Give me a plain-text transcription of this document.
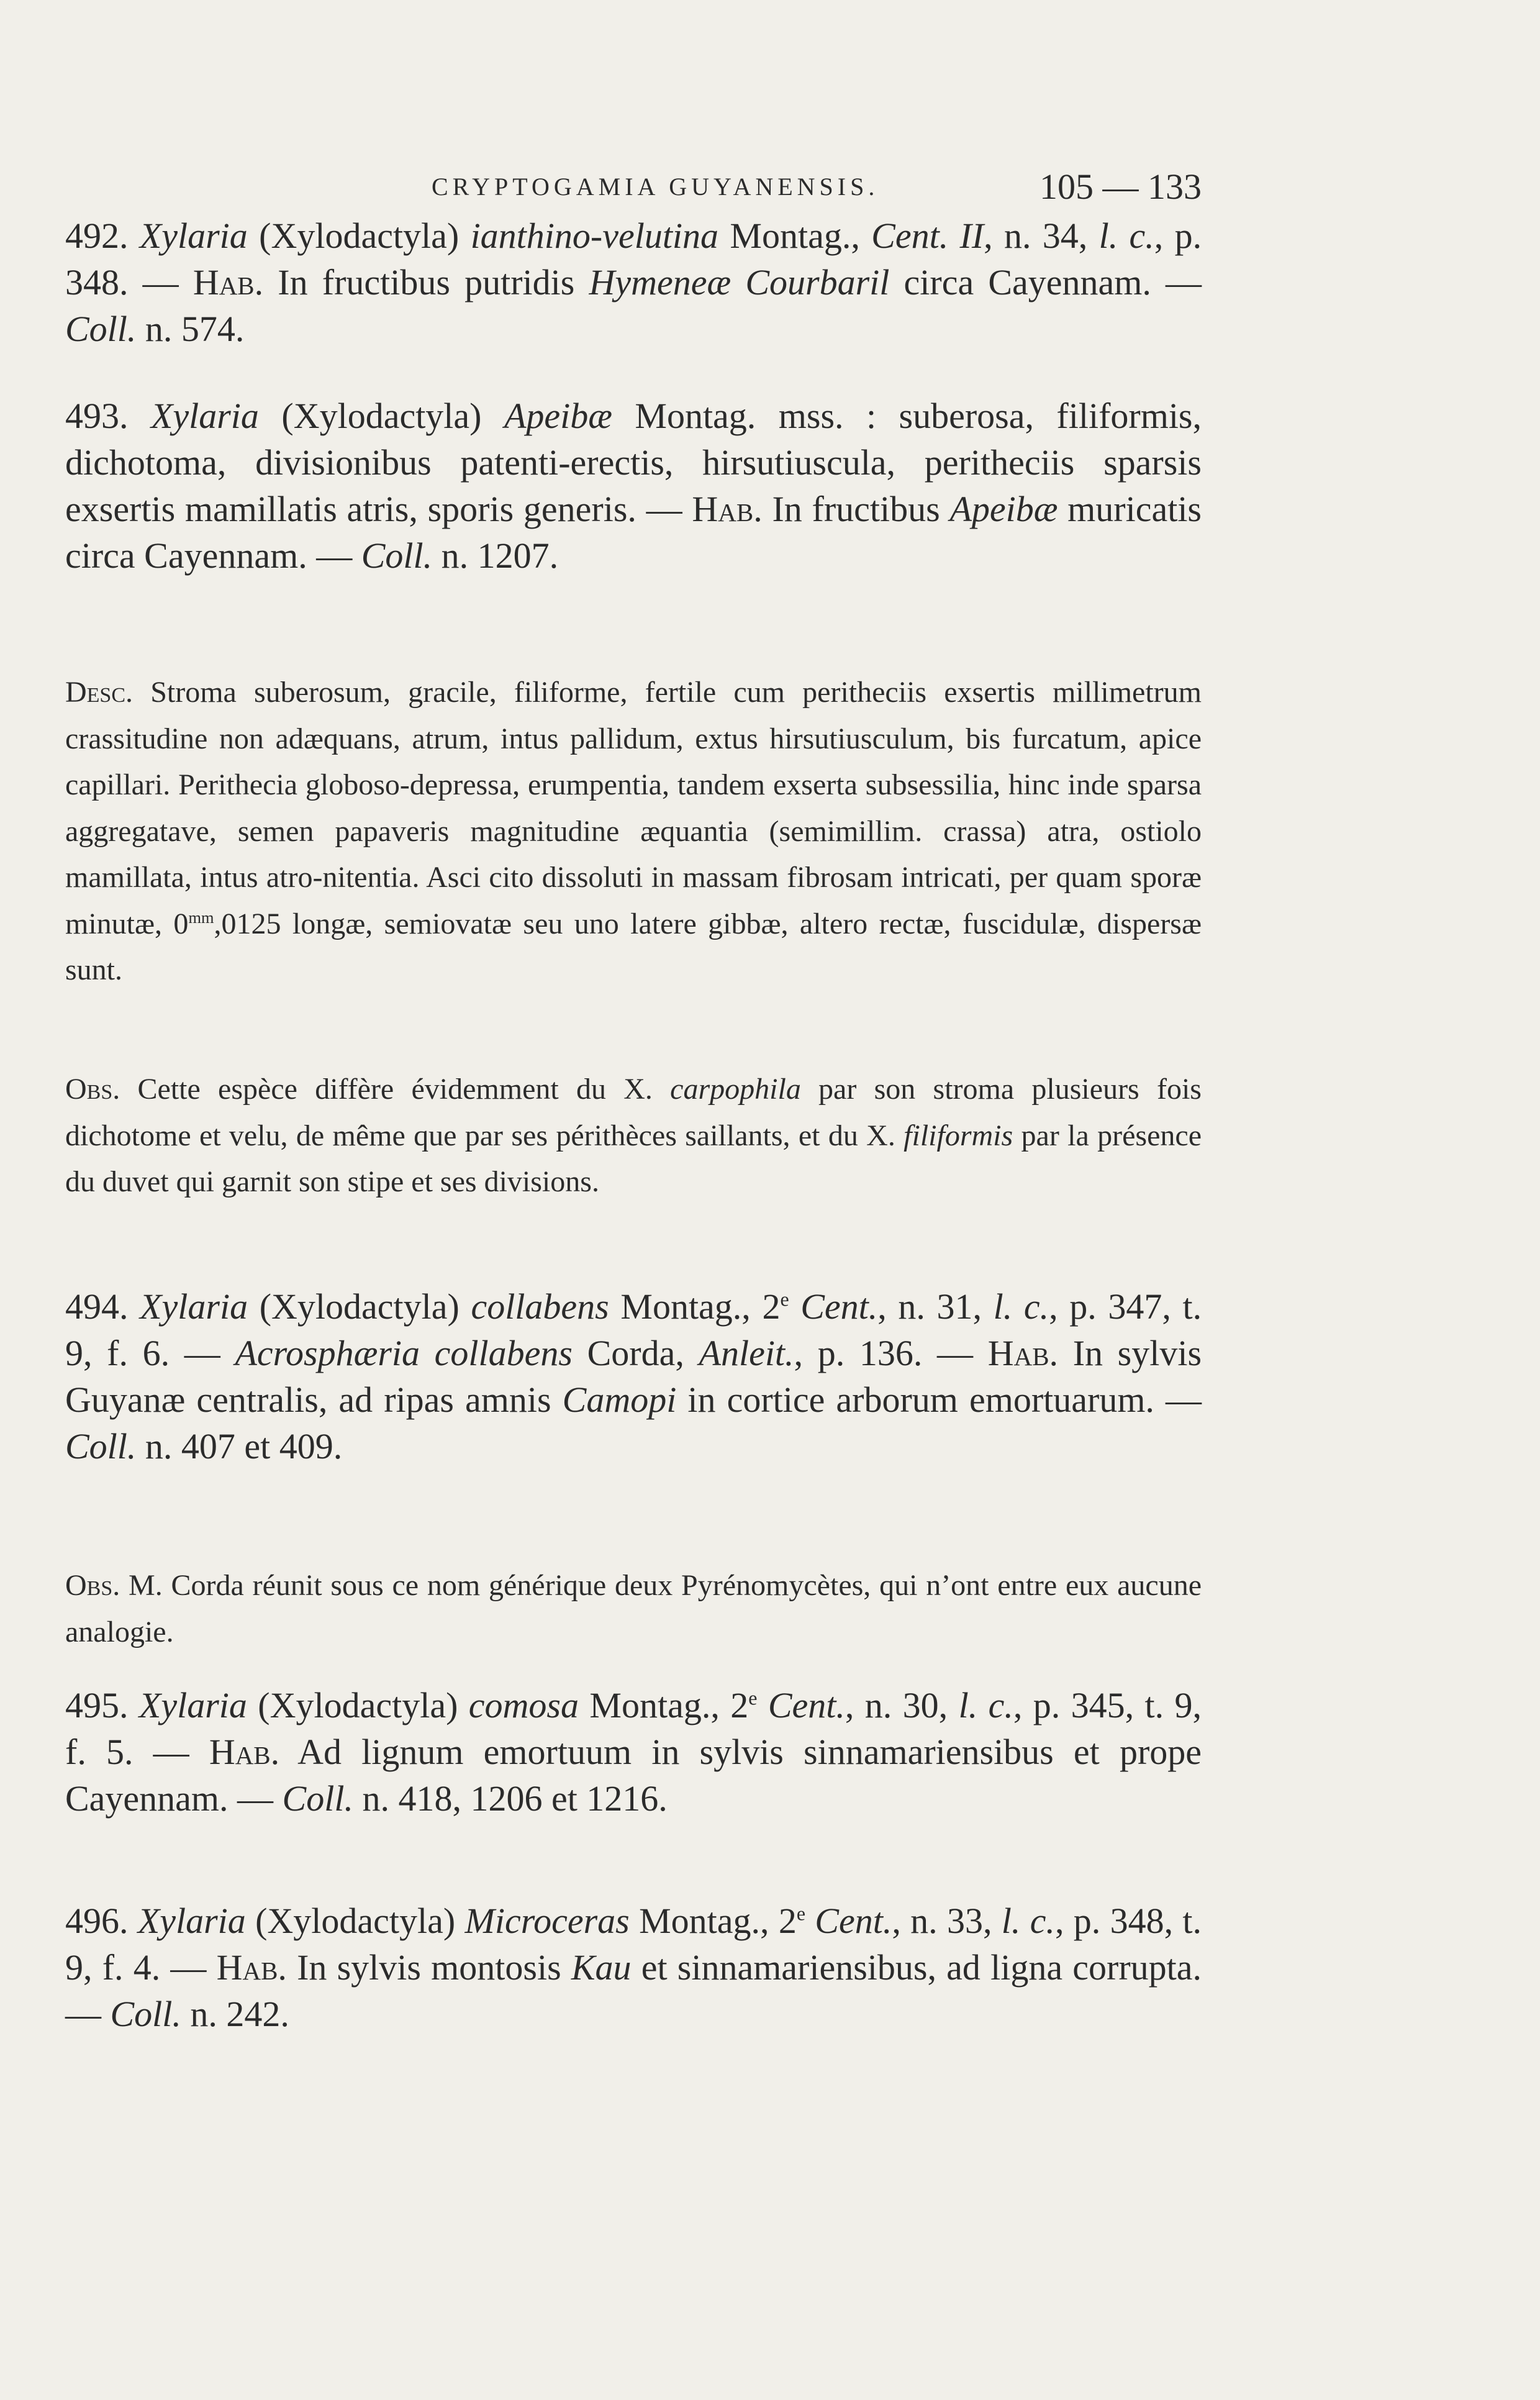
CRYPTOGAMIA GUYANENSIS.	105 — 133

492. Xylaria (Xylodactyla) ianthino-velutina Montag., Cent. II, n. 34, l. c., p. 348. — Hab. In fructibus putridis Hymeneæ Courbaril circa Cayennam. — Coll. n. 574.

493. Xylaria (Xylodactyla) Apeibæ Montag. mss. : suberosa, filiformis, dichotoma, divisionibus patenti-erectis, hirsutiuscula, peritheciis sparsis exsertis mamillatis atris, sporis generis. — Hab. In fructibus Apeibæ muricatis circa Cayennam. — Coll. n. 1207.

Desc. Stroma suberosum, gracile, filiforme, fertile cum peritheciis exsertis millimetrum crassitudine non adæquans, atrum, intus pallidum, extus hirsutiusculum, bis furcatum, apice capillari. Perithecia globoso-depressa, erumpentia, tandem exserta subsessilia, hinc inde sparsa aggregatave, semen papaveris magnitudine æquantia (semimillim. crassa) atra, ostiolo mamillata, intus atro-nitentia. Asci cito dissoluti in massam fibrosam intricati, per quam sporæ minutæ, $0^{mm},0125$ longæ, semiovatæ seu uno latere gibbæ, altero rectæ, fuscidulæ, dispersæ sunt.

Obs. Cette espèce diffère évidemment du X. carpophila par son stroma plusieurs fois dichotome et velu, de même que par ses périthèces saillants, et du X. filiformis par la présence du duvet qui garnit son stipe et ses divisions.

494. Xylaria (Xylodactyla) collabens Montag., 2e Cent., n. 31, l. c., p. 347, t. 9, f. 6. — Acrosphæria collabens Corda, Anleit., p. 136. — Hab. In sylvis Guyanæ centralis, ad ripas amnis Camopi in cortice arborum emortuarum. — Coll. n. 407 et 409.

Obs. M. Corda réunit sous ce nom générique deux Pyrénomycètes, qui n’ont entre eux aucune analogie.

495. Xylaria (Xylodactyla) comosa Montag., 2e Cent., n. 30, l. c., p. 345, t. 9, f. 5. — Hab. Ad lignum emortuum in sylvis sinnamariensibus et prope Cayennam. — Coll. n. 418, 1206 et 1216.

496. Xylaria (Xylodactyla) Microceras Montag., 2e Cent., n. 33, l. c., p. 348, t. 9, f. 4. — Hab. In sylvis montosis Kau et sinnamariensibus, ad ligna corrupta. — Coll. n. 242.
